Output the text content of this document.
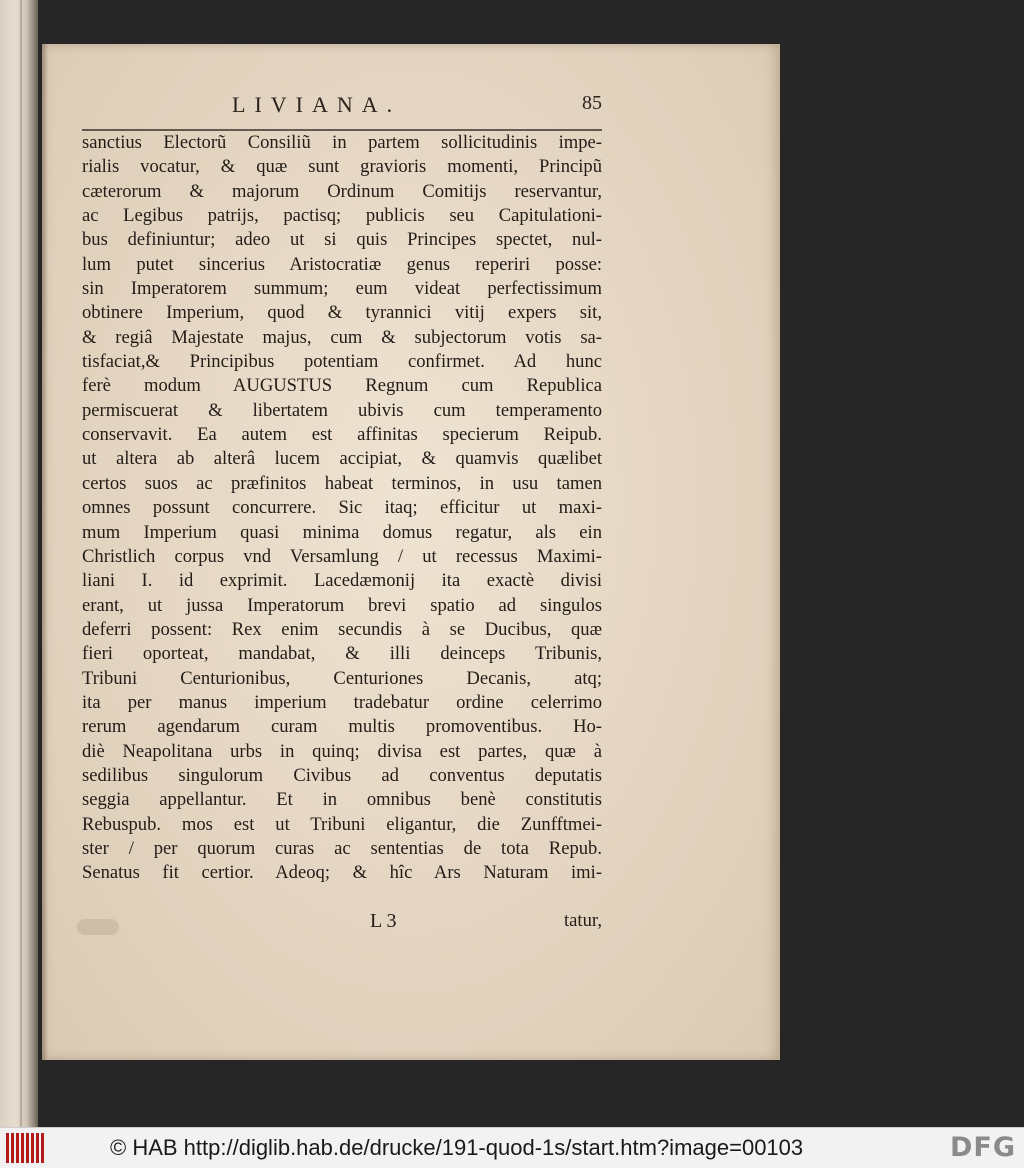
LIVIANA.	85
sanctius Electorũ Consiliũ in partem sollicitudinis impe-
rialis vocatur, & quæ sunt gravioris momenti, Principũ
cæterorum & majorum Ordinum Comitijs reservantur,
ac Legibus patrijs, pactisq; publicis seu Capitulationi-
bus definiuntur; adeo ut si quis Principes spectet, nul-
lum putet sincerius Aristocratiæ genus reperiri posse:
sin Imperatorem summum; eum videat perfectissimum
obtinere Imperium, quod & tyrannici vitij expers sit,
& regiâ Majestate majus, cum & subjectorum votis sa-
tisfaciat,& Principibus potentiam confirmet. Ad hunc
ferè modum AUGUSTUS Regnum cum Republica
permiscuerat & libertatem ubivis cum temperamento
conservavit. Ea autem est affinitas specierum Reipub.
ut altera ab alterâ lucem accipiat, & quamvis quælibet
certos suos ac præfinitos habeat terminos, in usu tamen
omnes possunt concurrere. Sic itaq; efficitur ut maxi-
mum Imperium quasi minima domus regatur, als ein
Christlich corpus vnd Versamlung / ut recessus Maximi-
liani I. id exprimit. Lacedæmonij ita exactè divisi
erant, ut jussa Imperatorum brevi spatio ad singulos
deferri possent: Rex enim secundis à se Ducibus, quæ
fieri oporteat, mandabat, & illi deinceps Tribunis,
Tribuni Centurionibus, Centuriones Decanis, atq;
ita per manus imperium tradebatur ordine celerrimo
rerum agendarum curam multis promoventibus. Ho-
diè Neapolitana urbs in quinq; divisa est partes, quæ à
sedilibus singulorum Civibus ad conventus deputatis
seggia appellantur. Et in omnibus benè constitutis
Rebuspub. mos est ut Tribuni eligantur, die Zunfftmei-
ster / per quorum curas ac sententias de tota Repub.
Senatus fit certior. Adeoq; & hîc Ars Naturam imi-
L 3	tatur,
© HAB http://diglib.hab.de/drucke/191-quod-1s/start.htm?image=00103	DFG
